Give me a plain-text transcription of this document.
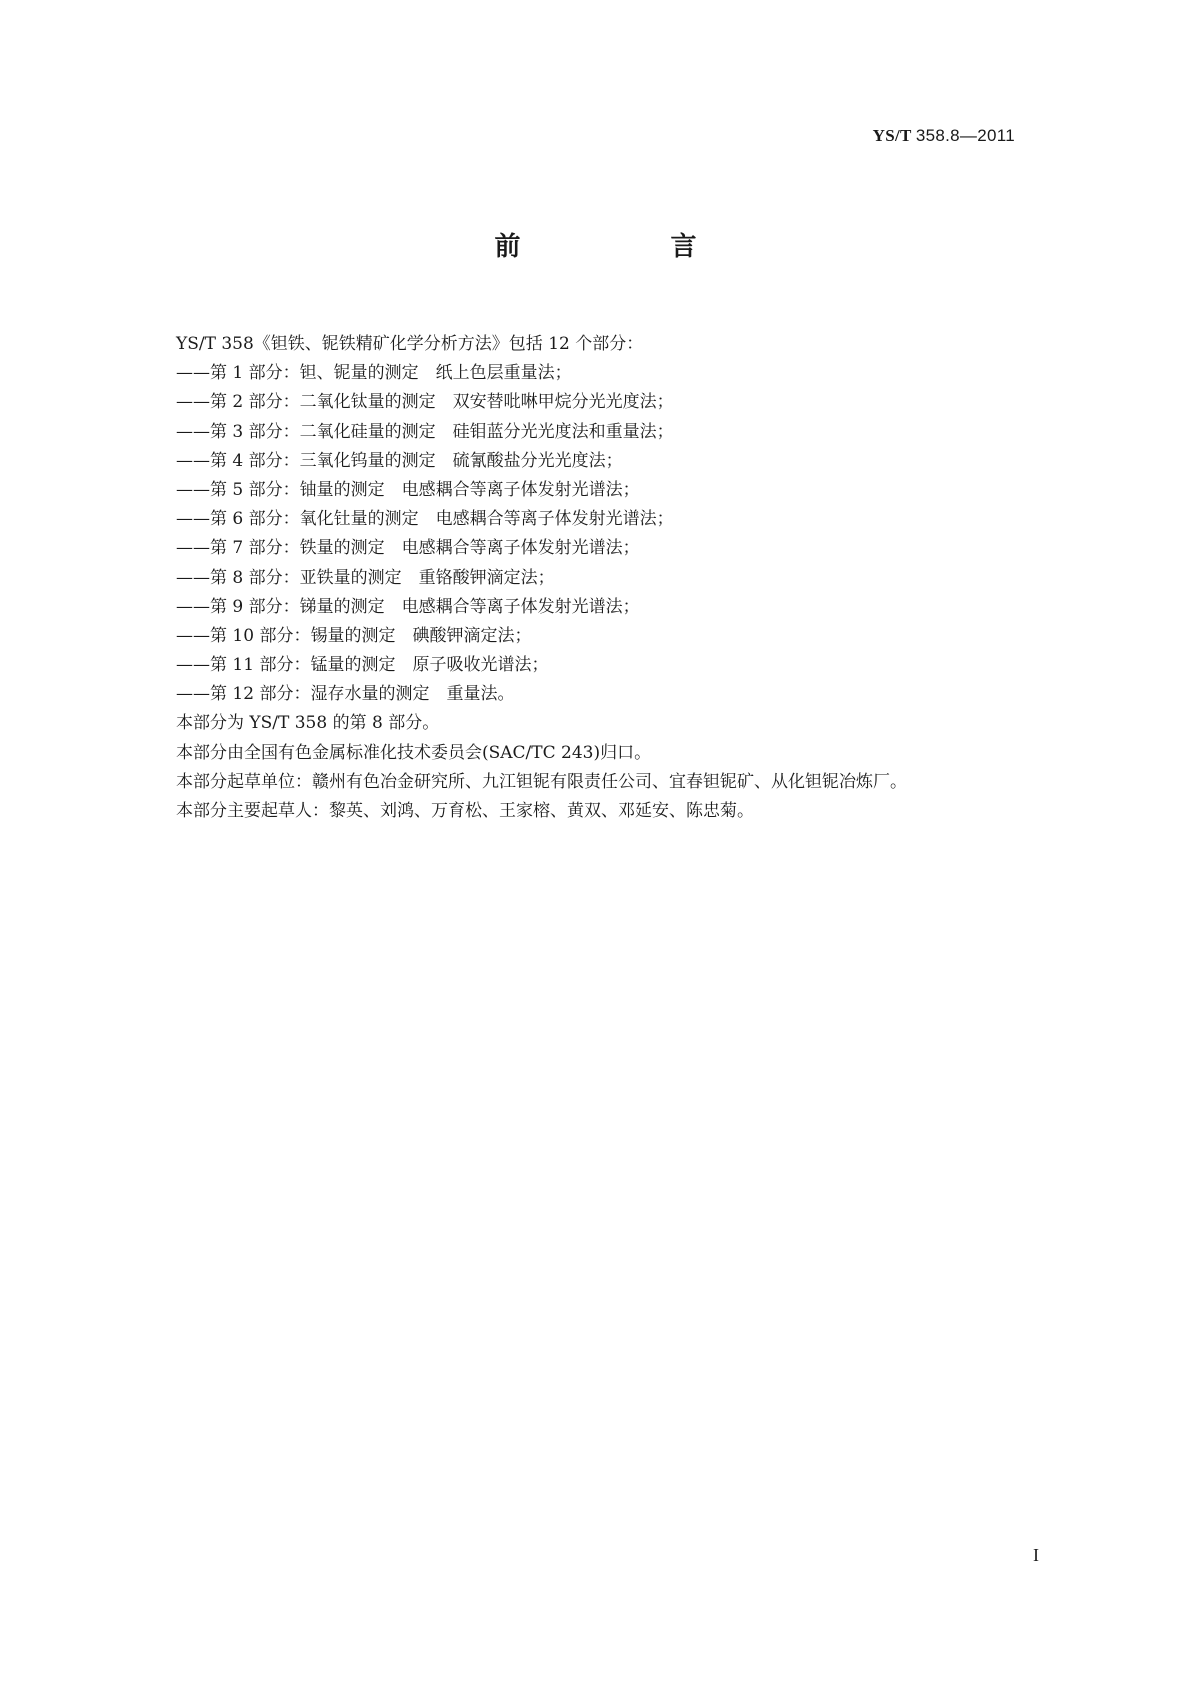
YS/T 358.8—2011
前　言
YS/T 358《钽铁、铌铁精矿化学分析方法》包括 12 个部分：
——第 1 部分：钽、铌量的测定　纸上色层重量法；
——第 2 部分：二氧化钛量的测定　双安替吡啉甲烷分光光度法；
——第 3 部分：二氧化硅量的测定　硅钼蓝分光光度法和重量法；
——第 4 部分：三氧化钨量的测定　硫氰酸盐分光光度法；
——第 5 部分：铀量的测定　电感耦合等离子体发射光谱法；
——第 6 部分：氧化钍量的测定　电感耦合等离子体发射光谱法；
——第 7 部分：铁量的测定　电感耦合等离子体发射光谱法；
——第 8 部分：亚铁量的测定　重铬酸钾滴定法；
——第 9 部分：锑量的测定　电感耦合等离子体发射光谱法；
——第 10 部分：锡量的测定　碘酸钾滴定法；
——第 11 部分：锰量的测定　原子吸收光谱法；
——第 12 部分：湿存水量的测定　重量法。
本部分为 YS/T 358 的第 8 部分。
本部分由全国有色金属标准化技术委员会(SAC/TC 243)归口。
本部分起草单位：赣州有色冶金研究所、九江钽铌有限责任公司、宜春钽铌矿、从化钽铌冶炼厂。
本部分主要起草人：黎英、刘鸿、万育松、王家榕、黄双、邓延安、陈忠菊。
I
